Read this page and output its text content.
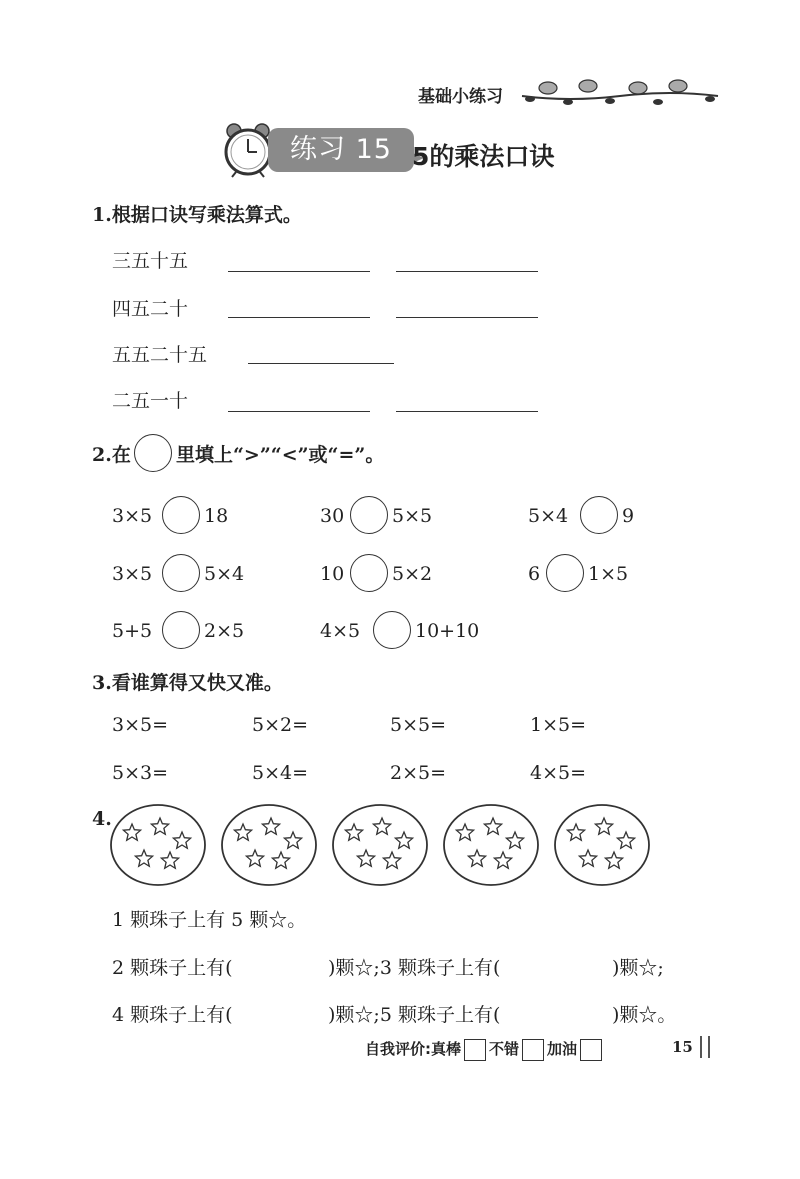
基础小练习
练习 15 5的乘法口诀
1.根据口诀写乘法算式。
三五十五
四五二十
五五二十五
二五一十
2.在 里填上“>”“<”或“=”。
3×5	18	30	5×5	5×4	9
3×5	5×4	10	5×2	6	1×5
5+5	2×5	4×5	10+10
3.看谁算得又快又准。
3×5=	5×2=	5×5=	1×5=
5×3=	5×4=	2×5=	4×5=
4.
1 颗珠子上有 5 颗☆。
2 颗珠子上有(	)颗☆;3 颗珠子上有(	)颗☆;
4 颗珠子上有(	)颗☆;5 颗珠子上有(	)颗☆。
自我评价:真棒 不错 加油	15
